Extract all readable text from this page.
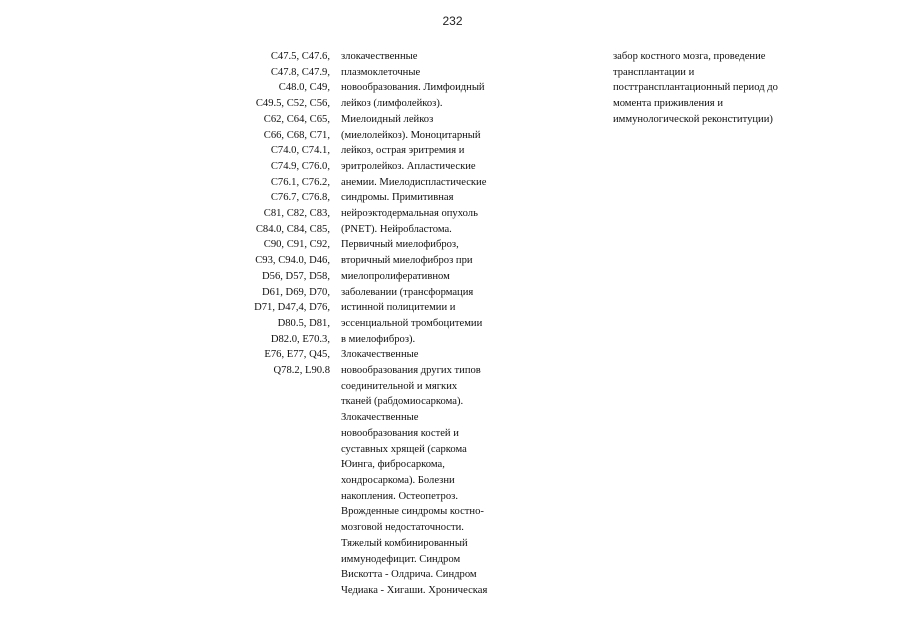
232
C47.5, C47.6,
C47.8, C47.9,
C48.0, C49,
C49.5, C52, C56,
C62, C64, C65,
C66, C68, C71,
C74.0, C74.1,
C74.9, C76.0,
C76.1, C76.2,
C76.7, C76.8,
C81, C82, C83,
C84.0, C84, C85,
C90, C91, C92,
C93, C94.0, D46,
D56, D57, D58,
D61, D69, D70,
D71, D47,4, D76,
D80.5, D81,
D82.0, E70.3,
E76, E77, Q45,
Q78.2, L90.8
злокачественные
плазмоклеточные
новообразования. Лимфоидный
лейкоз (лимфолейкоз).
Миелоидный лейкоз
(миелолейкоз). Моноцитарный
лейкоз, острая эритремия и
эритролейкоз. Апластические
анемии. Миелодиспластические
синдромы. Примитивная
нейроэктодермальная опухоль
(PNET). Нейробластома.
Первичный миелофиброз,
вторичный миелофиброз при
миелопролиферативном
заболевании (трансформация
истинной полицитемии и
эссенциальной тромбоцитемии
в миелофиброз).
Злокачественные
новообразования других типов
соединительной и мягких
тканей (рабдомиосаркома).
Злокачественные
новообразования костей и
суставных хрящей (саркома
Юинга, фибросаркома,
хондросаркома). Болезни
накопления. Остеопетроз.
Врожденные синдромы костно-
мозговой недостаточности.
Тяжелый комбинированный
иммунодефицит. Синдром
Вискотта - Олдрича. Синдром
Чедиака - Хигаши. Хроническая
забор костного мозга, проведение
трансплантации и
посттрансплантационный период до
момента приживления и
иммунологической реконституции)
